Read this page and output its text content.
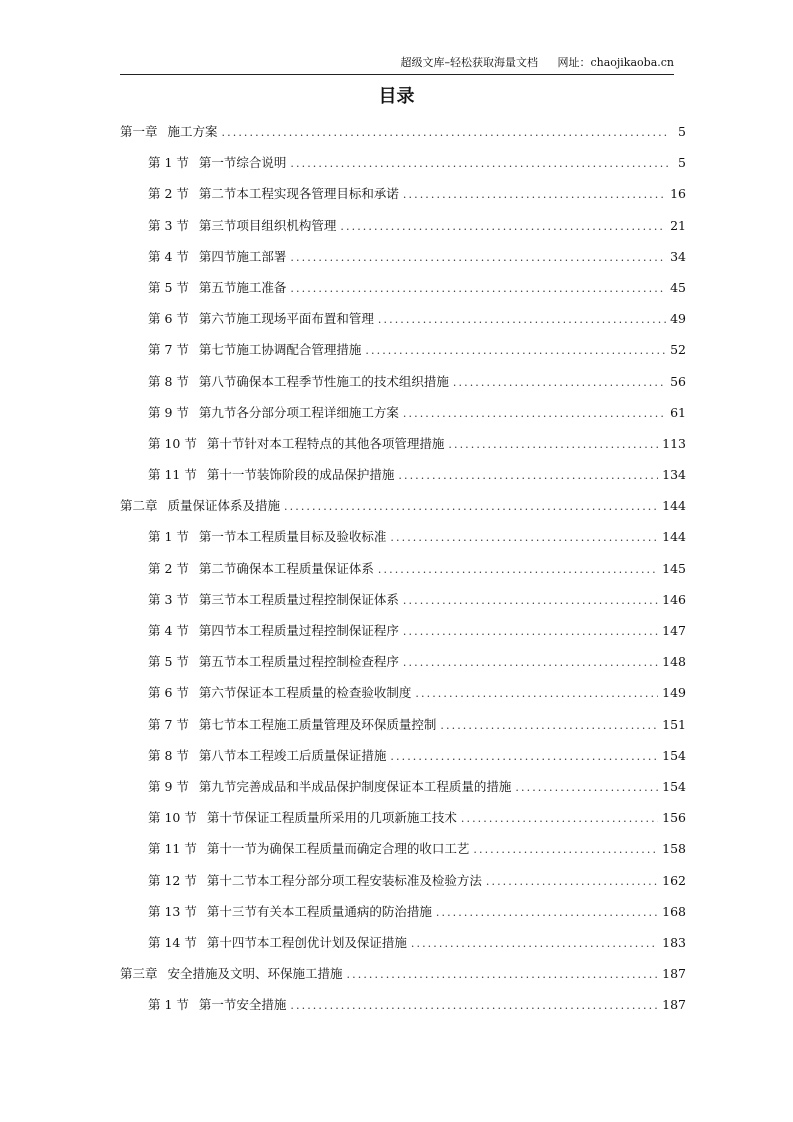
超级文库–轻松获取海量文档 网址：chaojikaoba.cn
目录
第一章 施工方案 .....	5
第 1 节 第一节综合说明 .....	5
第 2 节 第二节本工程实现各管理目标和承诺 .....	16
第 3 节 第三节项目组织机构管理 .....	21
第 4 节 第四节施工部署 .....	34
第 5 节 第五节施工准备 .....	45
第 6 节 第六节施工现场平面布置和管理 .....	49
第 7 节 第七节施工协调配合管理措施 .....	52
第 8 节 第八节确保本工程季节性施工的技术组织措施 .....	56
第 9 节 第九节各分部分项工程详细施工方案 .....	61
第 10 节 第十节针对本工程特点的其他各项管理措施 .....	113
第 11 节 第十一节装饰阶段的成品保护措施 .....	134
第二章 质量保证体系及措施 .....	144
第 1 节 第一节本工程质量目标及验收标准 .....	144
第 2 节 第二节确保本工程质量保证体系 .....	145
第 3 节 第三节本工程质量过程控制保证体系 .....	146
第 4 节 第四节本工程质量过程控制保证程序 .....	147
第 5 节 第五节本工程质量过程控制检查程序 .....	148
第 6 节 第六节保证本工程质量的检查验收制度 .....	149
第 7 节 第七节本工程施工质量管理及环保质量控制 .....	151
第 8 节 第八节本工程竣工后质量保证措施 .....	154
第 9 节 第九节完善成品和半成品保护制度保证本工程质量的措施 .....	154
第 10 节 第十节保证工程质量所采用的几项新施工技术 .....	156
第 11 节 第十一节为确保工程质量而确定合理的收口工艺 .....	158
第 12 节 第十二节本工程分部分项工程安装标准及检验方法 .....	162
第 13 节 第十三节有关本工程质量通病的防治措施 .....	168
第 14 节 第十四节本工程创优计划及保证措施 .....	183
第三章 安全措施及文明、环保施工措施 .....	187
第 1 节 第一节安全措施 .....	187
